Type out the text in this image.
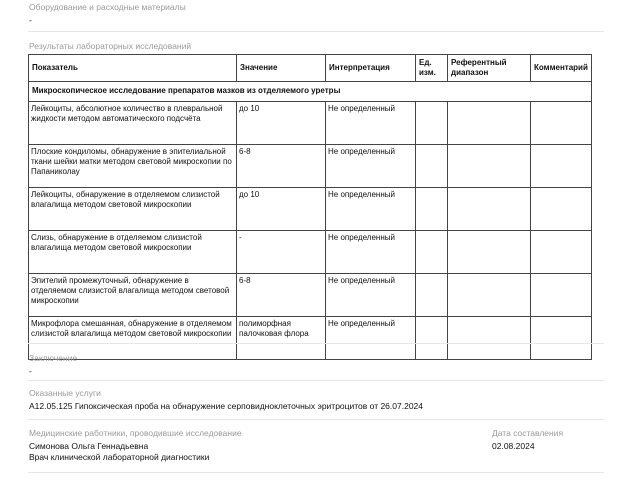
Оборудование и расходные материалы
-
Результаты лабораторных исследований
Показатель	Значение	Интерпретация	Ед. изм.	Референтный диапазон	Комментарий
Микроскопическое исследование препаратов мазков из отделяемого уретры					
Лейкоциты, абсолютное количество в плевральной жидкости методом автоматического подсчёта	до 10	Не определенный			
Плоские кондиломы, обнаружение в эпителиальной ткани шейки матки методом световой микроскопии по Папаниколау	6-8	Не определенный			
Лейкоциты, обнаружение в отделяемом слизистой влагалища методом световой микроскопии	до 10	Не определенный			
Слизь, обнаружение в отделяемом слизистой влагалища методом световой микроскопии	-	Не определенный			
Эпителий промежуточный, обнаружение в отделяемом слизистой влагалища методом световой микроскопии	6-8	Не определенный			
Микрофлора смешанная, обнаружение в отделяемом слизистой влагалища методом световой микроскопии	полиморфная палочковая флора	Не определенный			
Заключение
-
Оказанные услуги
A12.05.125 Гипоксическая проба на обнаружение серповидноклеточных эритроцитов от 26.07.2024
Медицинские работники, проводившие исследование
Симонова Ольга Геннадьевна
Врач клинической лабораторной диагностики
Дата составления
02.08.2024
